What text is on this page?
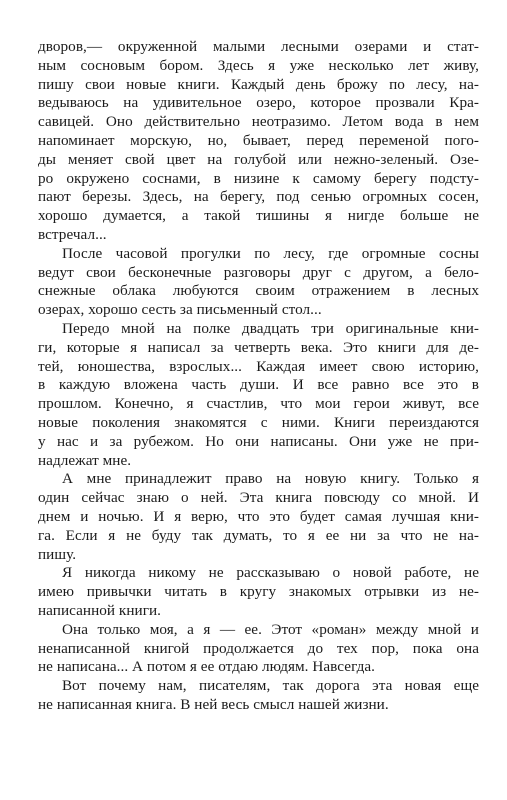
дворов,— окруженной малыми лесными озерами и стат-
ным сосновым бором. Здесь я уже несколько лет живу,
пишу свои новые книги. Каждый день брожу по лесу, на-
ведываюсь на удивительное озеро, которое прозвали Кра-
савицей. Оно действительно неотразимо. Летом вода в нем
напоминает морскую, но, бывает, перед переменой пого-
ды меняет свой цвет на голубой или нежно-зеленый. Озе-
ро окружено соснами, в низине к самому берегу подсту-
пают березы. Здесь, на берегу, под сенью огромных сосен,
хорошо думается, а такой тишины я нигде больше не
встречал...

После часовой прогулки по лесу, где огромные сосны
ведут свои бесконечные разговоры друг с другом, а бело-
снежные облака любуются своим отражением в лесных
озерах, хорошо сесть за письменный стол...

Передо мной на полке двадцать три оригинальные кни-
ги, которые я написал за четверть века. Это книги для де-
тей, юношества, взрослых... Каждая имеет свою историю,
в каждую вложена часть души. И все равно все это в
прошлом. Конечно, я счастлив, что мои герои живут, все
новые поколения знакомятся с ними. Книги переиздаются
у нас и за рубежом. Но они написаны. Они уже не при-
надлежат мне.

А мне принадлежит право на новую книгу. Только я
один сейчас знаю о ней. Эта книга повсюду со мной. И
днем и ночью. И я верю, что это будет самая лучшая кни-
га. Если я не буду так думать, то я ее ни за что не на-
пишу.

Я никогда никому не рассказываю о новой работе, не
имею привычки читать в кругу знакомых отрывки из не-
написанной книги.

Она только моя, а я — ее. Этот «роман» между мной и
ненаписанной книгой продолжается до тех пор, пока она
не написана... А потом я ее отдаю людям. Навсегда.

Вот почему нам, писателям, так дорога эта новая еще
не написанная книга. В ней весь смысл нашей жизни.
